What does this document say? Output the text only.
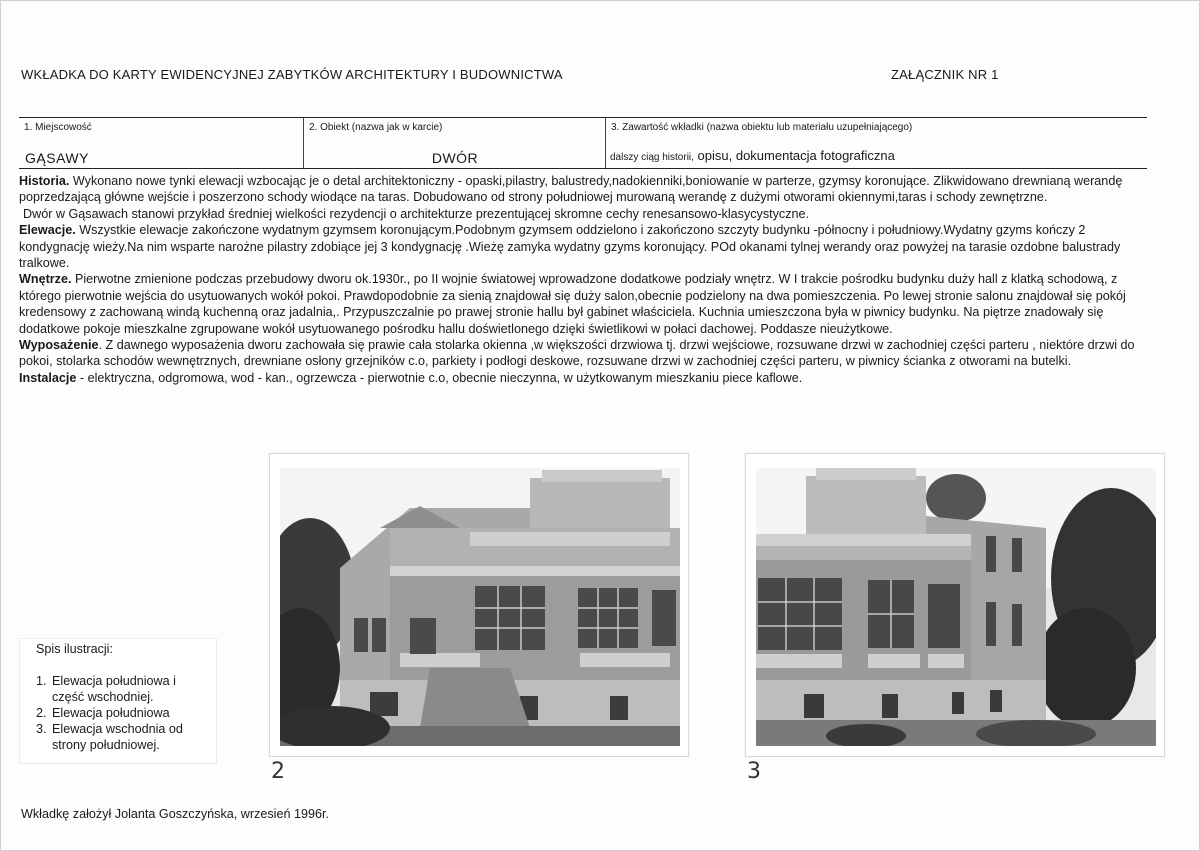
WKŁADKA DO KARTY EWIDENCYJNEJ ZABYTKÓW ARCHITEKTURY I BUDOWNICTWA	ZAŁĄCZNIK NR 1
1. Miejscowość
GĄSAWY
2. Obiekt (nazwa jak w karcie)
DWÓR
3. Zawartość wkładki (nazwa obiektu lub materiału uzupełniającego)
dalszy ciąg historii, opisu, dokumentacja fotograficzna

Historia. Wykonano nowe tynki elewacji wzbocając je o detal architektoniczny - opaski,pilastry, balustredy,nadokienniki,boniowanie w parterze, gzymsy koronujące. Zlikwidowano drewnianą werandę poprzedzającą główne wejście i poszerzono schody wiodące na taras. Dobudowano od strony południowej murowaną werandę z dużymi otworami okiennymi,taras i schody zewnętrzne.

Dwór w Gąsawach stanowi przykład średniej wielkości rezydencji o architekturze prezentującej skromne cechy renesansowo-klasycystyczne.

Elewacje. Wszystkie elewacje zakończone wydatnym gzymsem koronującym.Podobnym gzymsem oddzielono i zakończono szczyty budynku -północny i południowy.Wydatny gzyms kończy 2 kondygnację wieży.Na nim wsparte narożne pilastry zdobiące jej 3 kondygnację .Wieżę zamyka wydatny gzyms koronujący. POd okanami tylnej werandy oraz powyżej na tarasie ozdobne balustrady tralkowe.

Wnętrze. Pierwotne zmienione podczas przebudowy dworu ok.1930r., po II wojnie światowej wprowadzone dodatkowe podziały wnętrz. W I trakcie pośrodku budynku duży hall z klatką schodową, z którego pierwotnie wejścia do usytuowanych wokół pokoi. Prawdopodobnie za sienią znajdował się duży salon,obecnie podzielony na dwa pomieszczenia. Po lewej stronie salonu znajdował się pokój kredensowy z zachowaną windą kuchenną oraz jadalnia,. Przypuszczalnie po prawej stronie hallu był gabinet właściciela. Kuchnia umieszczona była w piwnicy budynku. Na piętrze znadowały się dodatkowe pokoje mieszkalne zgrupowane wokół usytuowanego pośrodku hallu doświetlonego dzięki świetlikowi w połaci dachowej. Poddasze nieużytkowe.

Wyposażenie. Z dawnego wyposażenia dworu zachowała się prawie cała stolarka okienna ,w większości drzwiowa tj. drzwi wejściowe, rozsuwane drzwi w zachodniej części parteru , niektóre drzwi do pokoi, stolarka schodów wewnętrznych, drewniane osłony grzejników c.o, parkiety i podłogi deskowe, rozsuwane drzwi w zachodniej części parteru, w piwnicy ścianka z otworami na butelki.

Instalacje - elektryczna, odgromowa, wod - kan., ogrzewcza - pierwotnie c.o, obecnie nieczynna, w użytkowanym mieszkaniu piece kaflowe.

2	3
Spis ilustracji:
1. Elewacja południowa i część wschodniej.
2. Elewacja południowa
3. Elewacja wschodnia od strony południowej.
Wkładkę założył Jolanta Goszczyńska, wrzesień 1996r.
